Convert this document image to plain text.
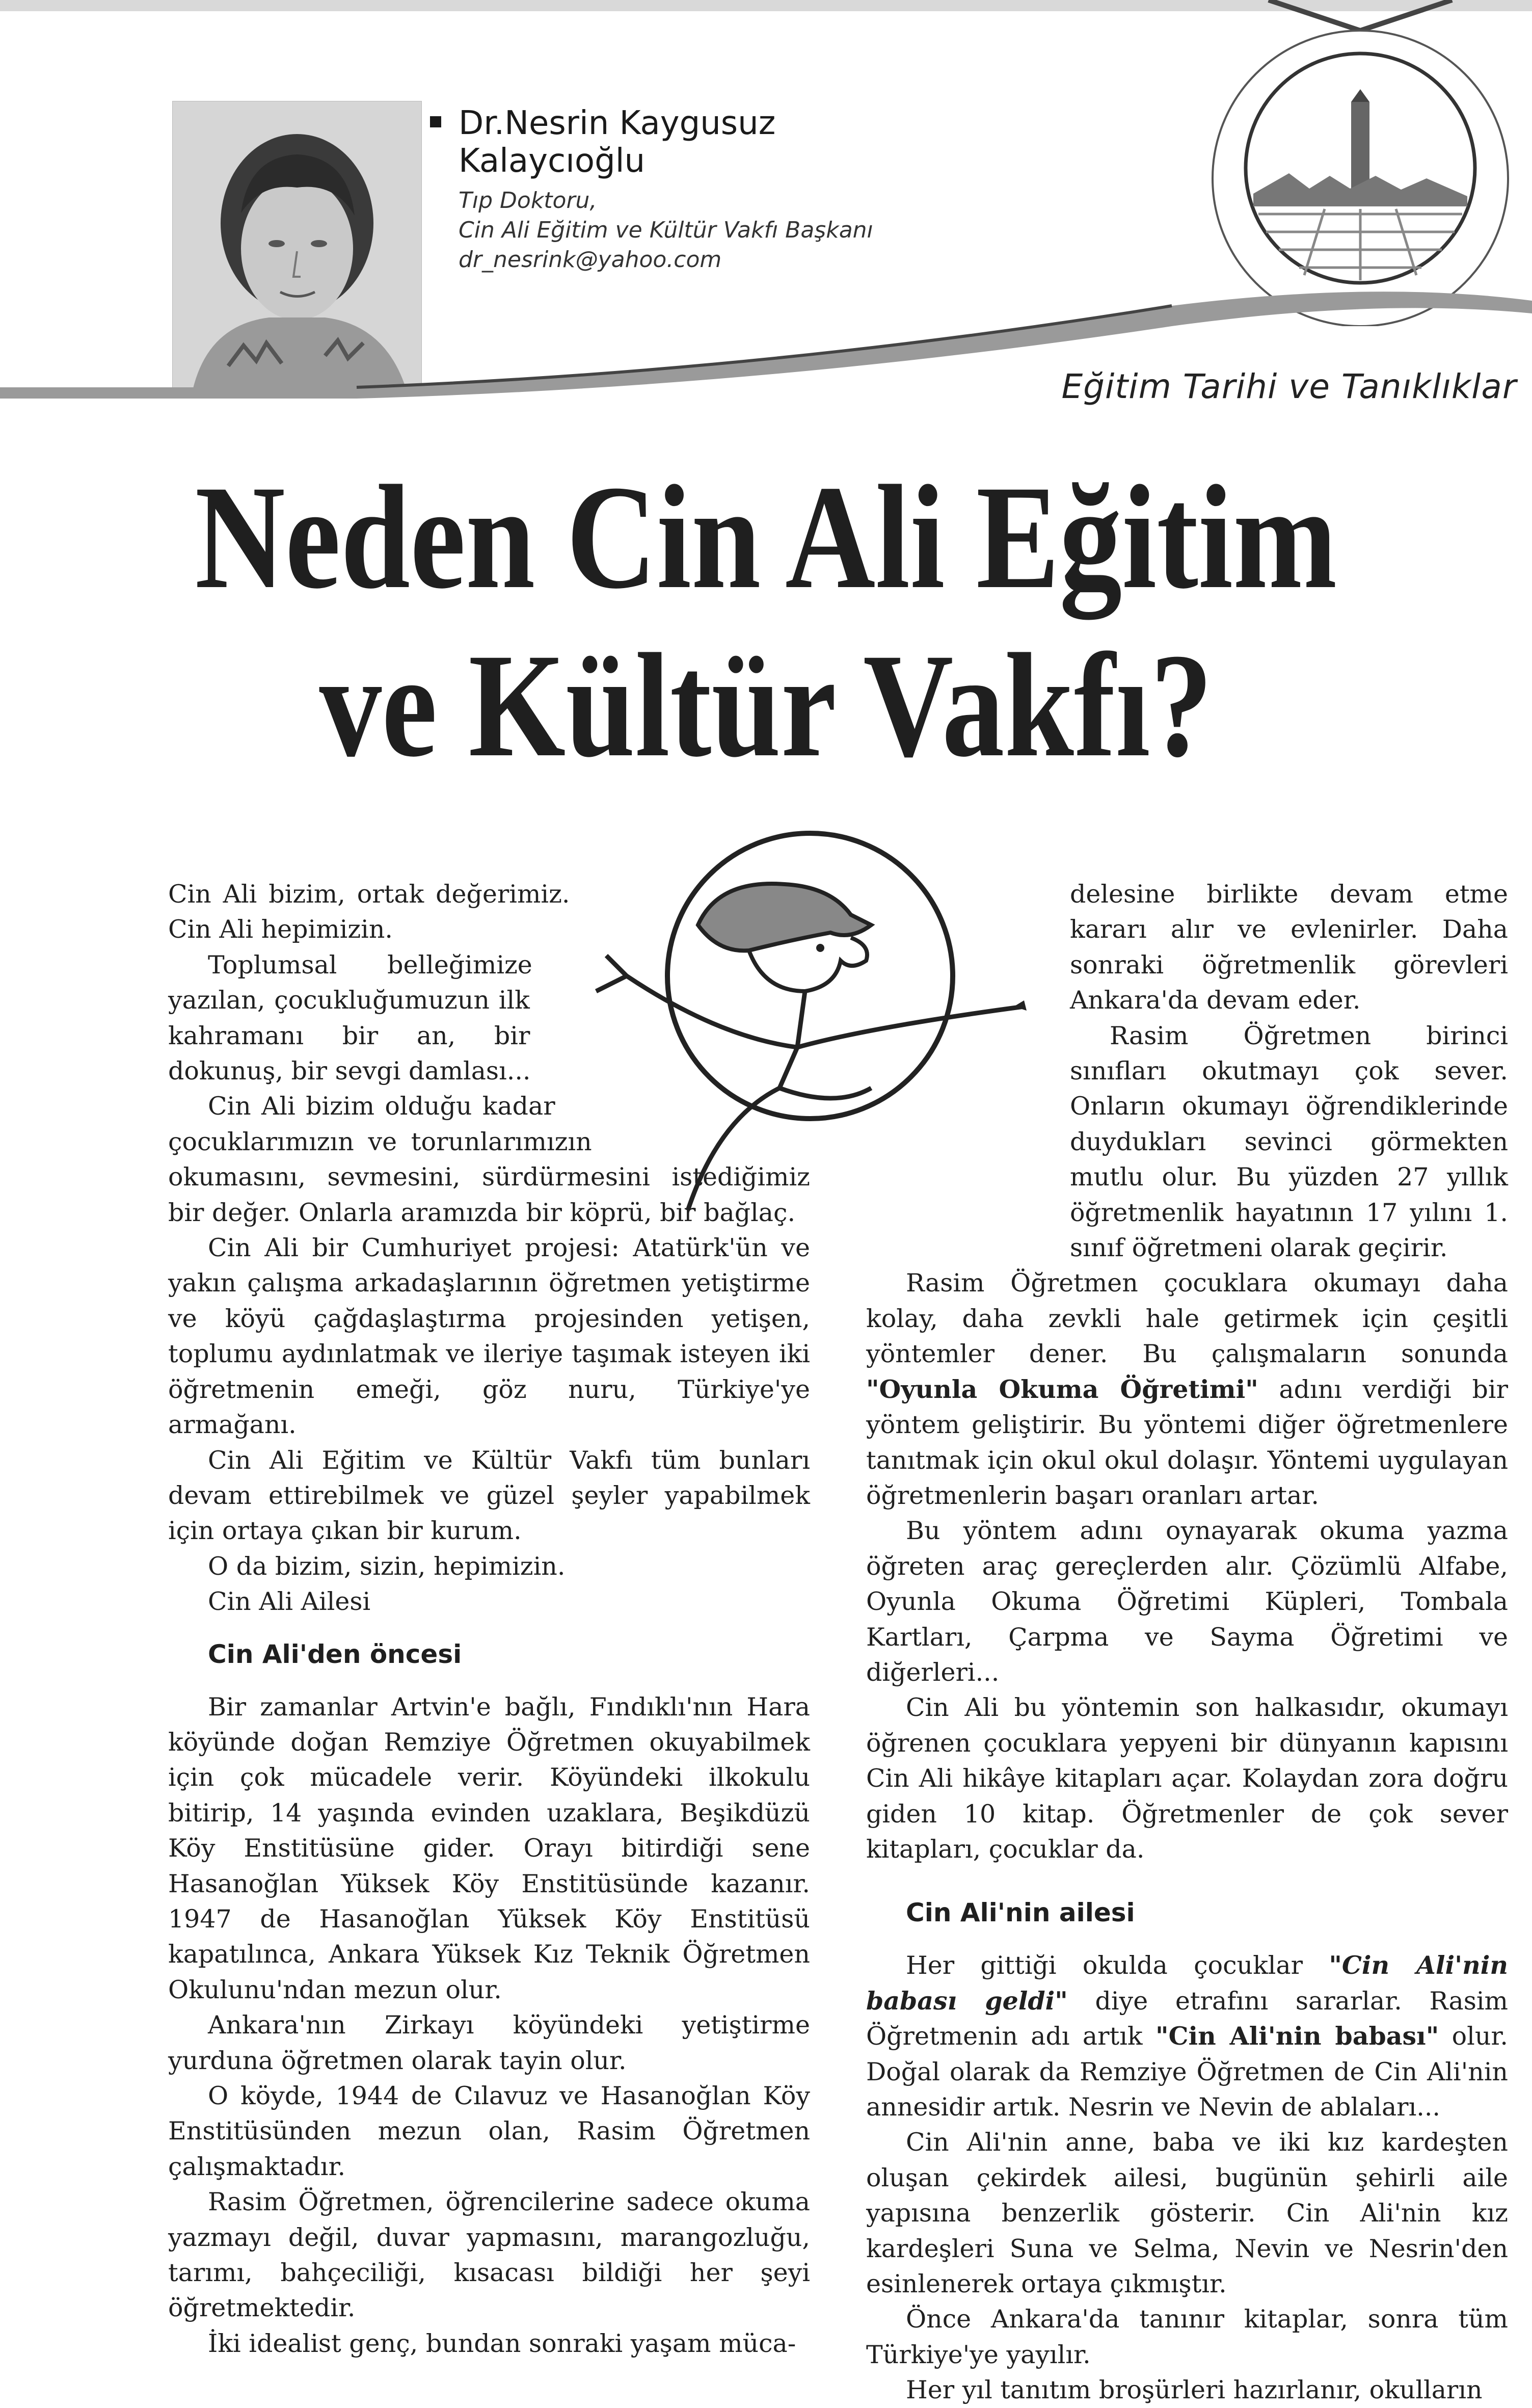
Dr.Nesrin Kaygusuz
Kalaycıoğlu
Tıp Doktoru,
Cin Ali Eğitim ve Kültür Vakfı Başkanı
dr_nesrink@yahoo.com
Eğitim Tarihi ve Tanıklıklar
Neden Cin Ali Eğitim
ve Kültür Vakfı?

Cin Ali bizim, ortak değerimiz. Cin Ali hepimizin.

Toplumsal belleğimize yazılan, çocukluğumuzun ilk kahramanı bir an, bir dokunuş, bir sevgi damlası...

Cin Ali bizim olduğu kadar çocuklarımızın ve torunlarımızın okumasını, sevmesini, sürdürmesini istediğimiz bir değer. Onlarla aramızda bir köprü, bir bağlaç.

Cin Ali bir Cumhuriyet projesi: Atatürk'ün ve yakın çalışma arkadaşlarının öğretmen yetiştirme ve köyü çağdaşlaştırma projesinden yetişen, toplumu aydınlatmak ve ileriye taşımak isteyen iki öğretmenin emeği, göz nuru, Türkiye'ye armağanı.

Cin Ali Eğitim ve Kültür Vakfı tüm bunları devam ettirebilmek ve güzel şeyler yapabilmek için ortaya çıkan bir kurum.

O da bizim, sizin, hepimizin.

Cin Ali Ailesi

Cin Ali'den öncesi

Bir zamanlar Artvin'e bağlı, Fındıklı'nın Hara köyünde doğan Remziye Öğretmen okuyabilmek için çok mücadele verir. Köyündeki ilkokulu bitirip, 14 yaşında evinden uzaklara, Beşikdüzü Köy Enstitüsüne gider. Orayı bitirdiği sene Hasanoğlan Yüksek Köy Enstitüsünde kazanır. 1947 de Hasanoğlan Yüksek Köy Enstitüsü kapatılınca, Ankara Yüksek Kız Teknik Öğretmen Okulunu'ndan mezun olur.

Ankara'nın Zirkayı köyündeki yetiştirme yurduna öğretmen olarak tayin olur.

O köyde, 1944 de Cılavuz ve Hasanoğlan Köy Enstitüsünden mezun olan, Rasim Öğretmen çalışmaktadır.

Rasim Öğretmen, öğrencilerine sadece okuma yazmayı değil, duvar yapmasını, marangozluğu, tarımı, bahçeciliği, kısacası bildiği her şeyi öğretmektedir.

İki idealist genç, bundan sonraki yaşam müca-

delesine birlikte devam etme kararı alır ve evlenirler. Daha sonraki öğretmenlik görevleri Ankara'da devam eder.

Rasim Öğretmen birinci sınıfları okutmayı çok sever. Onların okumayı öğrendiklerinde duydukları sevinci görmekten mutlu olur. Bu yüzden 27 yıllık öğretmenlik hayatının 17 yılını 1. sınıf öğretmeni olarak geçirir.

Rasim Öğretmen çocuklara okumayı daha kolay, daha zevkli hale getirmek için çeşitli yöntemler dener. Bu çalışmaların sonunda "Oyunla Okuma Öğretimi" adını verdiği bir yöntem geliştirir. Bu yöntemi diğer öğretmenlere tanıtmak için okul okul dolaşır. Yöntemi uygulayan öğretmenlerin başarı oranları artar.

Bu yöntem adını oynayarak okuma yazma öğreten araç gereçlerden alır. Çözümlü Alfabe, Oyunla Okuma Öğretimi Küpleri, Tombala Kartları, Çarpma ve Sayma Öğretimi ve diğerleri...

Cin Ali bu yöntemin son halkasıdır, okumayı öğrenen çocuklara yepyeni bir dünyanın kapısını Cin Ali hikâye kitapları açar. Kolaydan zora doğru giden 10 kitap. Öğretmenler de çok sever kitapları, çocuklar da.

Cin Ali'nin ailesi

Her gittiği okulda çocuklar "Cin Ali'nin babası geldi" diye etrafını sararlar. Rasim Öğretmenin adı artık "Cin Ali'nin babası" olur. Doğal olarak da Remziye Öğretmen de Cin Ali'nin annesidir artık. Nesrin ve Nevin de ablaları...

Cin Ali'nin anne, baba ve iki kız kardeşten oluşan çekirdek ailesi, bugünün şehirli aile yapısına benzerlik gösterir. Cin Ali'nin kız kardeşleri Suna ve Selma, Nevin ve Nesrin'den esinlenerek ortaya çıkmıştır.

Önce Ankara'da tanınır kitaplar, sonra tüm Türkiye'ye yayılır.

Her yıl tanıtım broşürleri hazırlanır, okulların
